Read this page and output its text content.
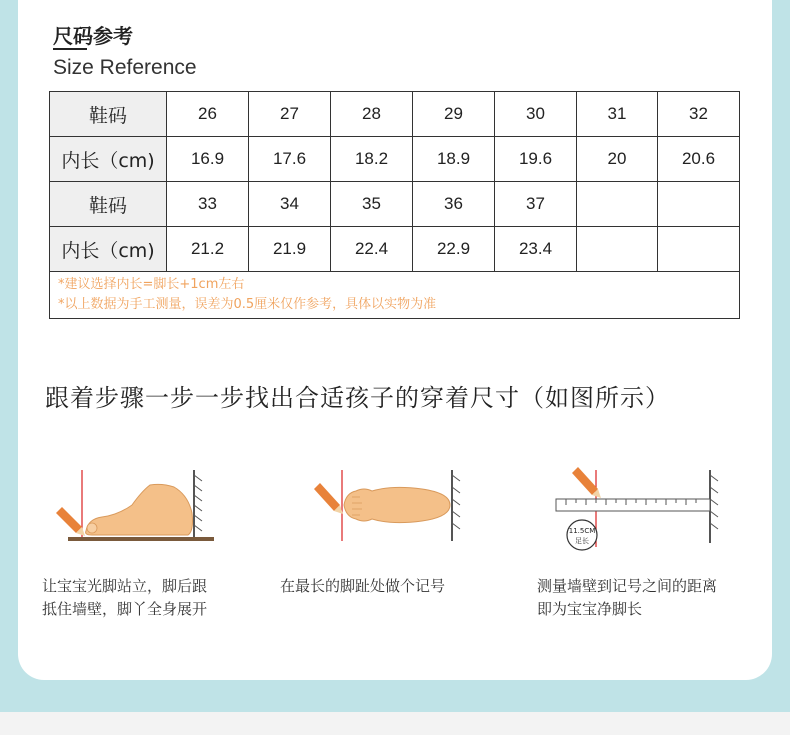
尺码参考
Size Reference
鞋码	26	27	28	29	30	31	32
内长（cm)	16.9	17.6	18.2	18.9	19.6	20	20.6
鞋码	33	34	35	36	37		
内长（cm)	21.2	21.9	22.4	22.9	23.4		

*建议选择内长=脚长+1cm左右
*以上数据为手工测量，误差为0.5厘米仅作参考，具体以实物为准							
跟着步骤一步一步找出合适孩子的穿着尺寸（如图所示）
11.5CM
足长
让宝宝光脚站立，脚后跟
抵住墙壁，脚丫全身展开
在最长的脚趾处做个记号	测量墙壁到记号之间的距离
即为宝宝净脚长
